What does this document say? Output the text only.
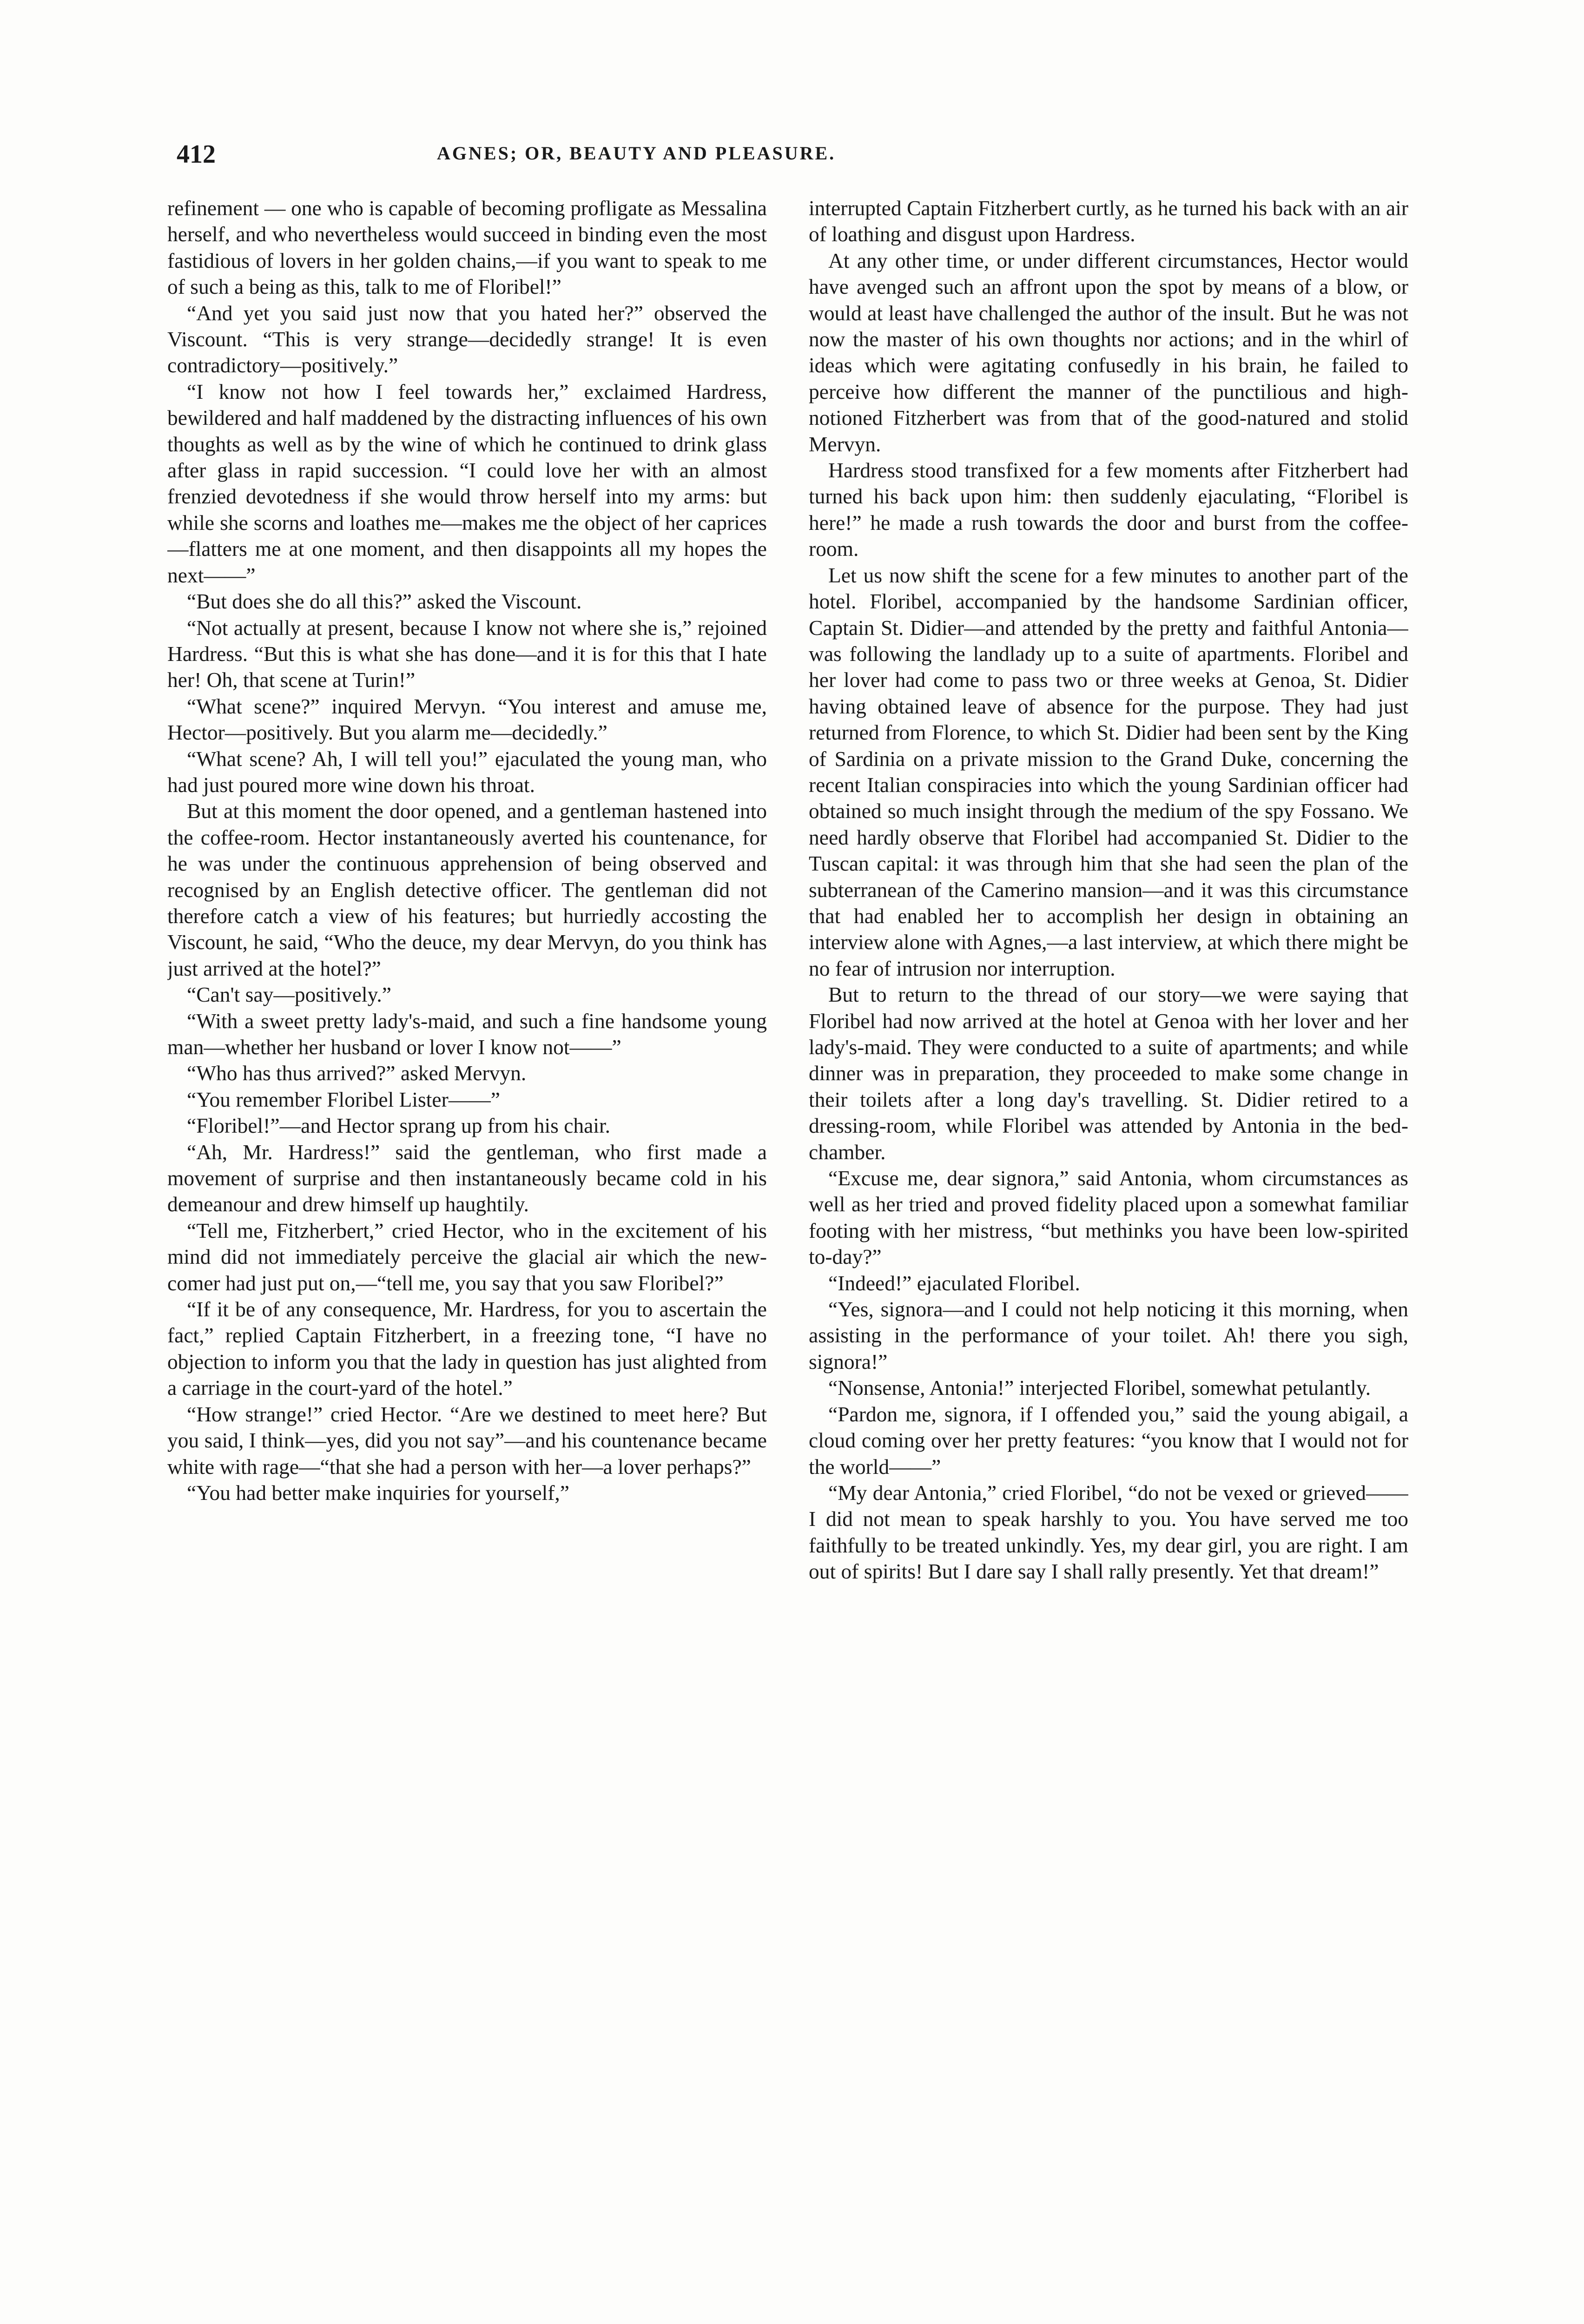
412	AGNES; OR, BEAUTY AND PLEASURE.

refinement — one who is capable of becoming profligate as Messalina herself, and who nevertheless would succeed in binding even the most fastidious of lovers in her golden chains,—if you want to speak to me of such a being as this, talk to me of Floribel!”

“And yet you said just now that you hated her?” observed the Viscount. “This is very strange—decidedly strange! It is even contradictory—positively.”

“I know not how I feel towards her,” exclaimed Hardress, bewildered and half maddened by the distracting influences of his own thoughts as well as by the wine of which he continued to drink glass after glass in rapid succession. “I could love her with an almost frenzied devotedness if she would throw herself into my arms: but while she scorns and loathes me—makes me the object of her caprices—flatters me at one moment, and then disappoints all my hopes the next——”

“But does she do all this?” asked the Viscount.

“Not actually at present, because I know not where she is,” rejoined Hardress. “But this is what she has done—and it is for this that I hate her! Oh, that scene at Turin!”

“What scene?” inquired Mervyn. “You interest and amuse me, Hector—positively. But you alarm me—decidedly.”

“What scene? Ah, I will tell you!” ejaculated the young man, who had just poured more wine down his throat.

But at this moment the door opened, and a gentleman hastened into the coffee-room. Hector instantaneously averted his countenance, for he was under the continuous apprehension of being observed and recognised by an English detective officer. The gentleman did not therefore catch a view of his features; but hurriedly accosting the Viscount, he said, “Who the deuce, my dear Mervyn, do you think has just arrived at the hotel?”

“Can't say—positively.”

“With a sweet pretty lady's-maid, and such a fine handsome young man—whether her husband or lover I know not——”

“Who has thus arrived?” asked Mervyn.

“You remember Floribel Lister——”

“Floribel!”—and Hector sprang up from his chair.

“Ah, Mr. Hardress!” said the gentleman, who first made a movement of surprise and then instantaneously became cold in his demeanour and drew himself up haughtily.

“Tell me, Fitzherbert,” cried Hector, who in the excitement of his mind did not immediately perceive the glacial air which the new-comer had just put on,—“tell me, you say that you saw Floribel?”

“If it be of any consequence, Mr. Hardress, for you to ascertain the fact,” replied Captain Fitzherbert, in a freezing tone, “I have no objection to inform you that the lady in question has just alighted from a carriage in the court-yard of the hotel.”

“How strange!” cried Hector. “Are we destined to meet here? But you said, I think—yes, did you not say”—and his countenance became white with rage—“that she had a person with her—a lover perhaps?”

“You had better make inquiries for yourself,”

interrupted Captain Fitzherbert curtly, as he turned his back with an air of loathing and disgust upon Hardress.

At any other time, or under different circumstances, Hector would have avenged such an affront upon the spot by means of a blow, or would at least have challenged the author of the insult. But he was not now the master of his own thoughts nor actions; and in the whirl of ideas which were agitating confusedly in his brain, he failed to perceive how different the manner of the punctilious and high-notioned Fitzherbert was from that of the good-natured and stolid Mervyn.

Hardress stood transfixed for a few moments after Fitzherbert had turned his back upon him: then suddenly ejaculating, “Floribel is here!” he made a rush towards the door and burst from the coffee-room.

Let us now shift the scene for a few minutes to another part of the hotel. Floribel, accompanied by the handsome Sardinian officer, Captain St. Didier—and attended by the pretty and faithful Antonia—was following the landlady up to a suite of apartments. Floribel and her lover had come to pass two or three weeks at Genoa, St. Didier having obtained leave of absence for the purpose. They had just returned from Florence, to which St. Didier had been sent by the King of Sardinia on a private mission to the Grand Duke, concerning the recent Italian conspiracies into which the young Sardinian officer had obtained so much insight through the medium of the spy Fossano. We need hardly observe that Floribel had accompanied St. Didier to the Tuscan capital: it was through him that she had seen the plan of the subterranean of the Camerino mansion—and it was this circumstance that had enabled her to accomplish her design in obtaining an interview alone with Agnes,—a last interview, at which there might be no fear of intrusion nor interruption.

But to return to the thread of our story—we were saying that Floribel had now arrived at the hotel at Genoa with her lover and her lady's-maid. They were conducted to a suite of apartments; and while dinner was in preparation, they proceeded to make some change in their toilets after a long day's travelling. St. Didier retired to a dressing-room, while Floribel was attended by Antonia in the bed-chamber.

“Excuse me, dear signora,” said Antonia, whom circumstances as well as her tried and proved fidelity placed upon a somewhat familiar footing with her mistress, “but methinks you have been low-spirited to-day?”

“Indeed!” ejaculated Floribel.

“Yes, signora—and I could not help noticing it this morning, when assisting in the performance of your toilet. Ah! there you sigh, signora!”

“Nonsense, Antonia!” interjected Floribel, somewhat petulantly.

“Pardon me, signora, if I offended you,” said the young abigail, a cloud coming over her pretty features: “you know that I would not for the world——”

“My dear Antonia,” cried Floribel, “do not be vexed or grieved——I did not mean to speak harshly to you. You have served me too faithfully to be treated unkindly. Yes, my dear girl, you are right. I am out of spirits! But I dare say I shall rally presently. Yet that dream!”
